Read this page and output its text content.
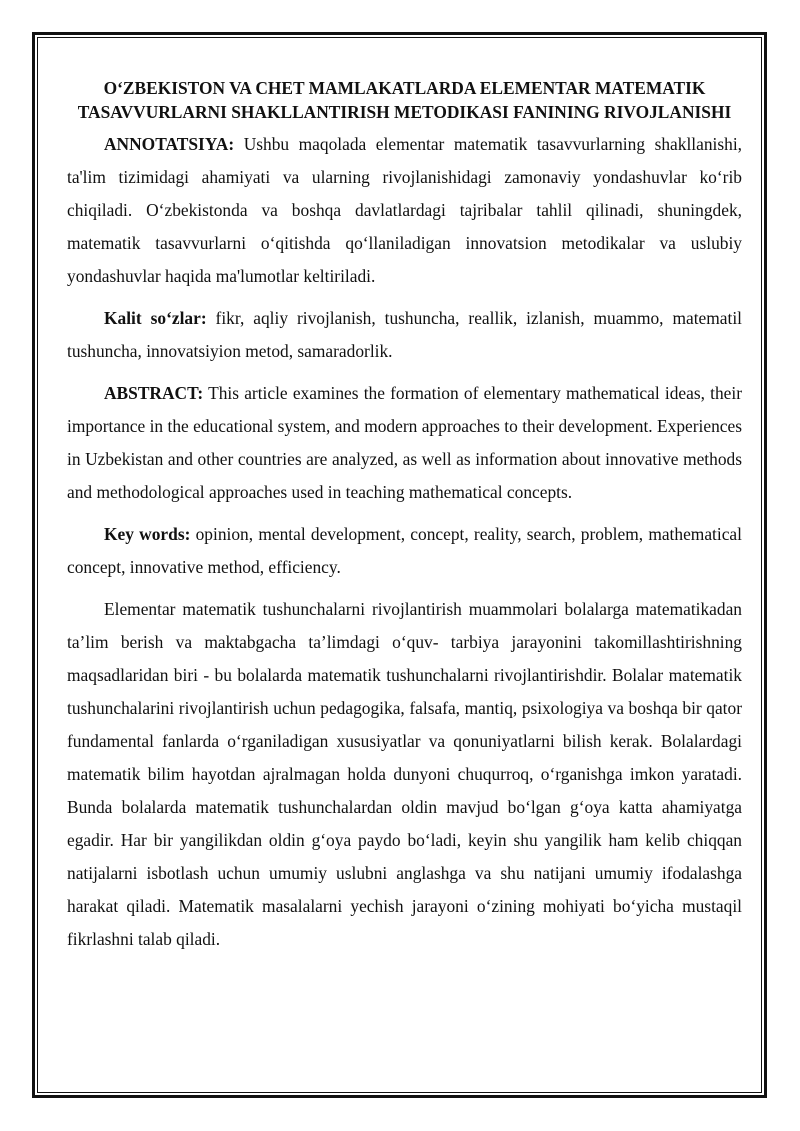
O‘ZBEKISTON VA CHET MAMLAKATLARDA ELEMENTAR MATEMATIK TASAVVURLARNI SHAKLLANTIRISH METODIKASI FANINING RIVOJLANISHI

ANNOTATSIYA: Ushbu maqolada elementar matematik tasavvurlarning shakllanishi, ta'lim tizimidagi ahamiyati va ularning rivojlanishidagi zamonaviy yondashuvlar ko‘rib chiqiladi. O‘zbekistonda va boshqa davlatlardagi tajribalar tahlil qilinadi, shuningdek, matematik tasavvurlarni o‘qitishda qo‘llaniladigan innovatsion metodikalar va uslubiy yondashuvlar haqida ma'lumotlar keltiriladi.

Kalit so‘zlar: fikr, aqliy rivojlanish, tushuncha, reallik, izlanish, muammo, matematil tushuncha, innovatsiyion metod, samaradorlik.

ABSTRACT: This article examines the formation of elementary mathematical ideas, their importance in the educational system, and modern approaches to their development. Experiences in Uzbekistan and other countries are analyzed, as well as information about innovative methods and methodological approaches used in teaching mathematical concepts.

Key words: opinion, mental development, concept, reality, search, problem, mathematical concept, innovative method, efficiency.

Elementar matematik tushunchalarni rivojlantirish muammolari bolalarga matematikadan ta’lim berish va maktabgacha ta’limdagi o‘quv- tarbiya jarayonini takomillashtirishning maqsadlaridan biri - bu bolalarda matematik tushunchalarni rivojlantirishdir. Bolalar matematik tushunchalarini rivojlantirish uchun pedagogika, falsafa, mantiq, psixologiya va boshqa bir qator fundamental fanlarda o‘rganiladigan xususiyatlar va qonuniyatlarni bilish kerak. Bolalardagi matematik bilim hayotdan ajralmagan holda dunyoni chuqurroq, o‘rganishga imkon yaratadi. Bunda bolalarda matematik tushunchalardan oldin mavjud bo‘lgan g‘oya katta ahamiyatga egadir. Har bir yangilikdan oldin g‘oya paydo bo‘ladi, keyin shu yangilik ham kelib chiqqan natijalarni isbotlash uchun umumiy uslubni anglashga va shu natijani umumiy ifodalashga harakat qiladi. Matematik masalalarni yechish jarayoni o‘zining mohiyati bo‘yicha mustaqil fikrlashni talab qiladi.
